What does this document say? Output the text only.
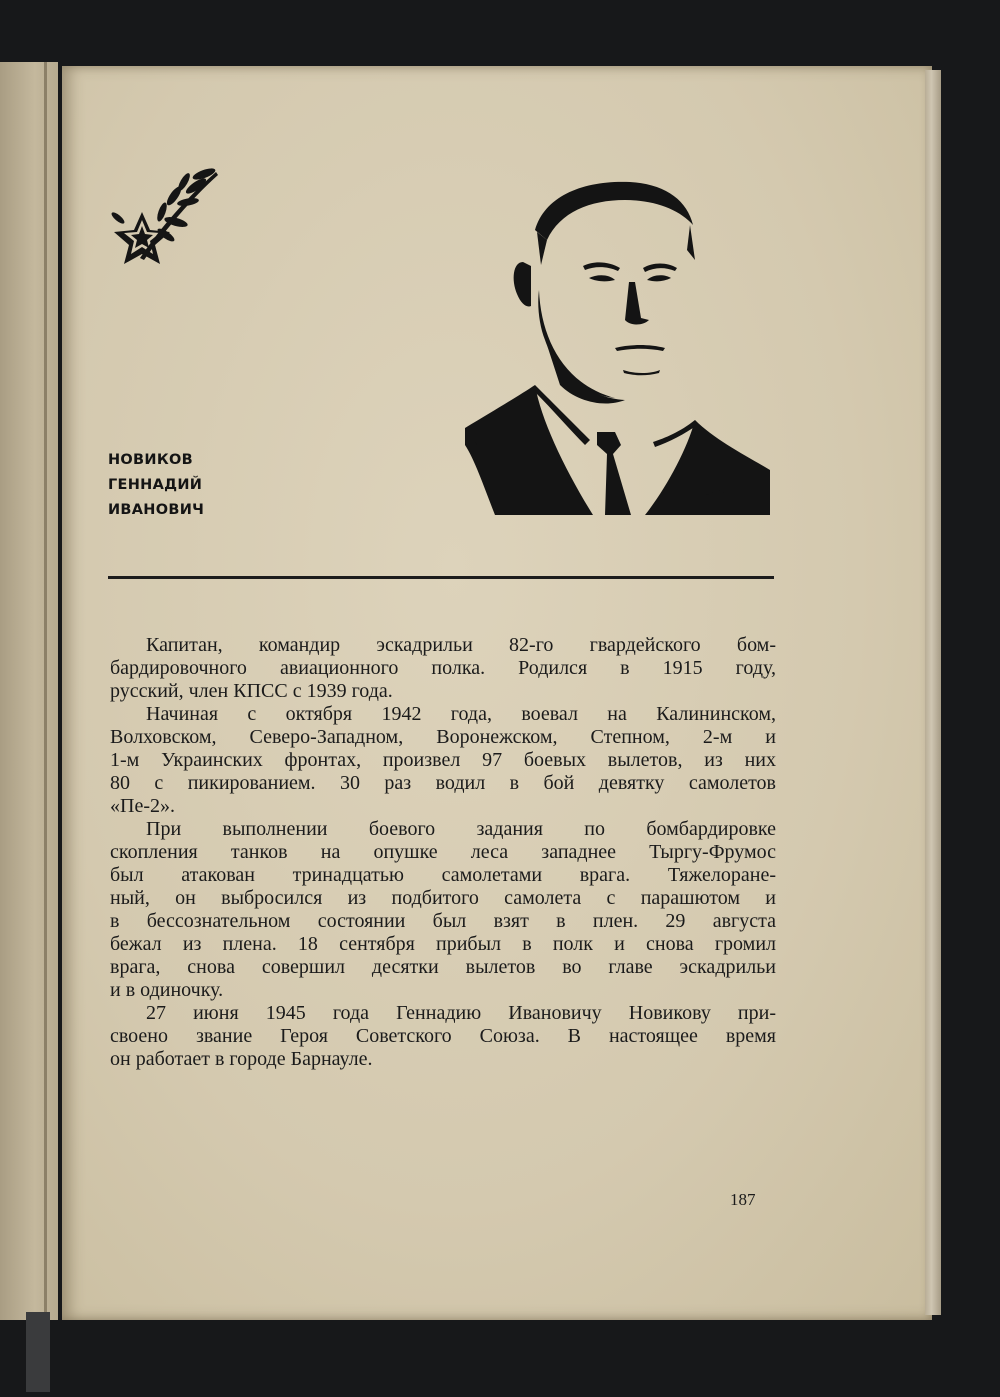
НОВИКОВ
ГЕННАДИЙ
ИВАНОВИЧ
Капитан, командир эскадрильи 82-го гвардейского бом-
бардировочного авиационного полка. Родился в 1915 году,
русский, член КПСС с 1939 года.
Начиная с октября 1942 года, воевал на Калининском,
Волховском, Северо-Западном, Воронежском, Степном, 2-м и
1-м Украинских фронтах, произвел 97 боевых вылетов, из них
80 с пикированием. 30 раз водил в бой девятку самолетов
«Пе-2».
При выполнении боевого задания по бомбардировке
скопления танков на опушке леса западнее Тыргу-Фрумос
был атакован тринадцатью самолетами врага. Тяжелоране-
ный, он выбросился из подбитого самолета с парашютом и
в бессознательном состоянии был взят в плен. 29 августа
бежал из плена. 18 сентября прибыл в полк и снова громил
врага, снова совершил десятки вылетов во главе эскадрильи
и в одиночку.
27 июня 1945 года Геннадию Ивановичу Новикову при-
своено звание Героя Советского Союза. В настоящее время
он работает в городе Барнауле.
187
